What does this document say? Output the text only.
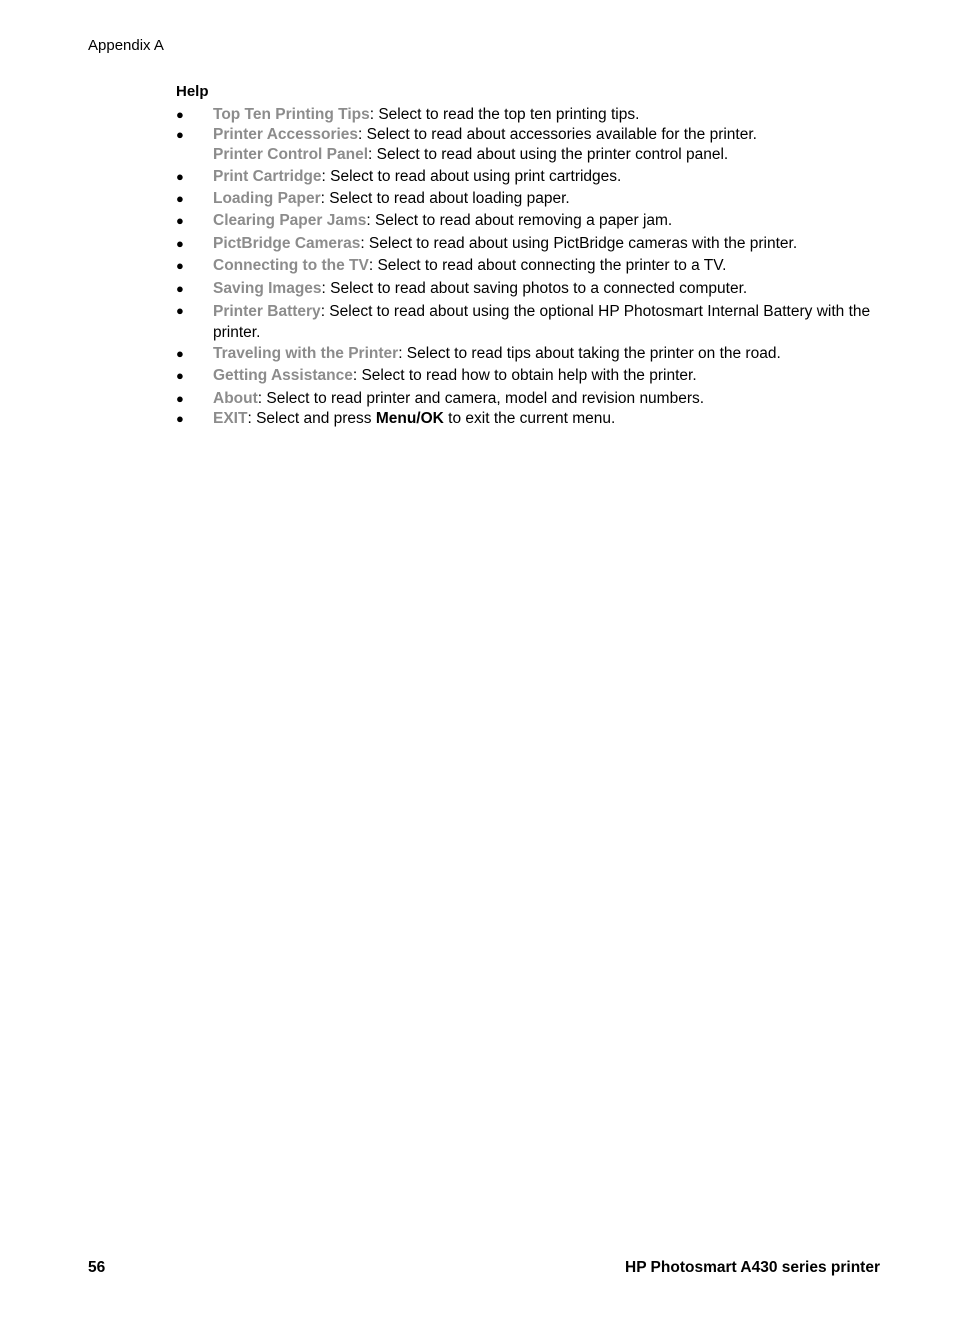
Appendix A
Help
● Top Ten Printing Tips: Select to read the top ten printing tips.
● Printer Accessories: Select to read about accessories available for the printer.
Printer Control Panel: Select to read about using the printer control panel.
● Print Cartridge: Select to read about using print cartridges.
● Loading Paper: Select to read about loading paper.
● Clearing Paper Jams: Select to read about removing a paper jam.
● PictBridge Cameras: Select to read about using PictBridge cameras with the printer.
● Connecting to the TV: Select to read about connecting the printer to a TV.
● Saving Images: Select to read about saving photos to a connected computer.
● Printer Battery: Select to read about using the optional HP Photosmart Internal Battery with the printer.
● Traveling with the Printer: Select to read tips about taking the printer on the road.
● Getting Assistance: Select to read how to obtain help with the printer.
● About: Select to read printer and camera, model and revision numbers.
● EXIT: Select and press Menu/OK to exit the current menu.
56	HP Photosmart A430 series printer
